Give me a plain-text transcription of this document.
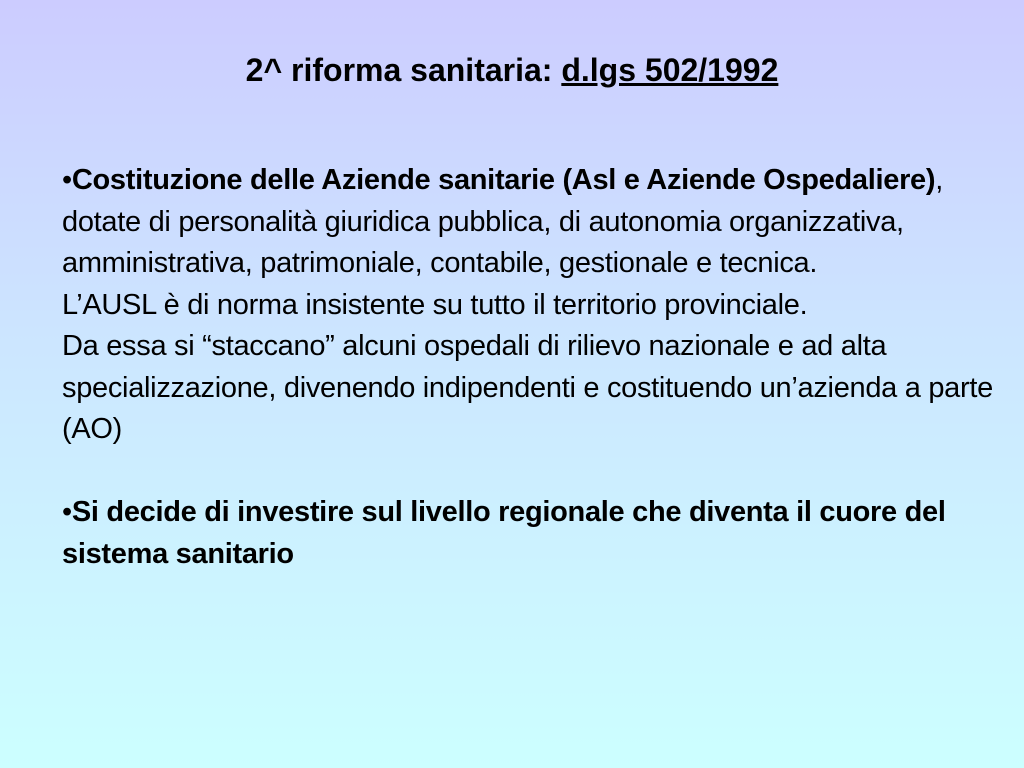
2^ riforma sanitaria: d.lgs 502/1992

•Costituzione delle Aziende sanitarie (Asl e Aziende Ospedaliere), dotate di personalità giuridica pubblica, di autonomia organizzativa, amministrativa, patrimoniale, contabile, gestionale e tecnica.

L’AUSL è di norma insistente su tutto il territorio provinciale.

Da essa si “staccano” alcuni ospedali di rilievo nazionale e ad alta specializzazione, divenendo indipendenti e costituendo un’azienda a parte (AO)

•Si decide di investire sul livello regionale che diventa il cuore del sistema sanitario
